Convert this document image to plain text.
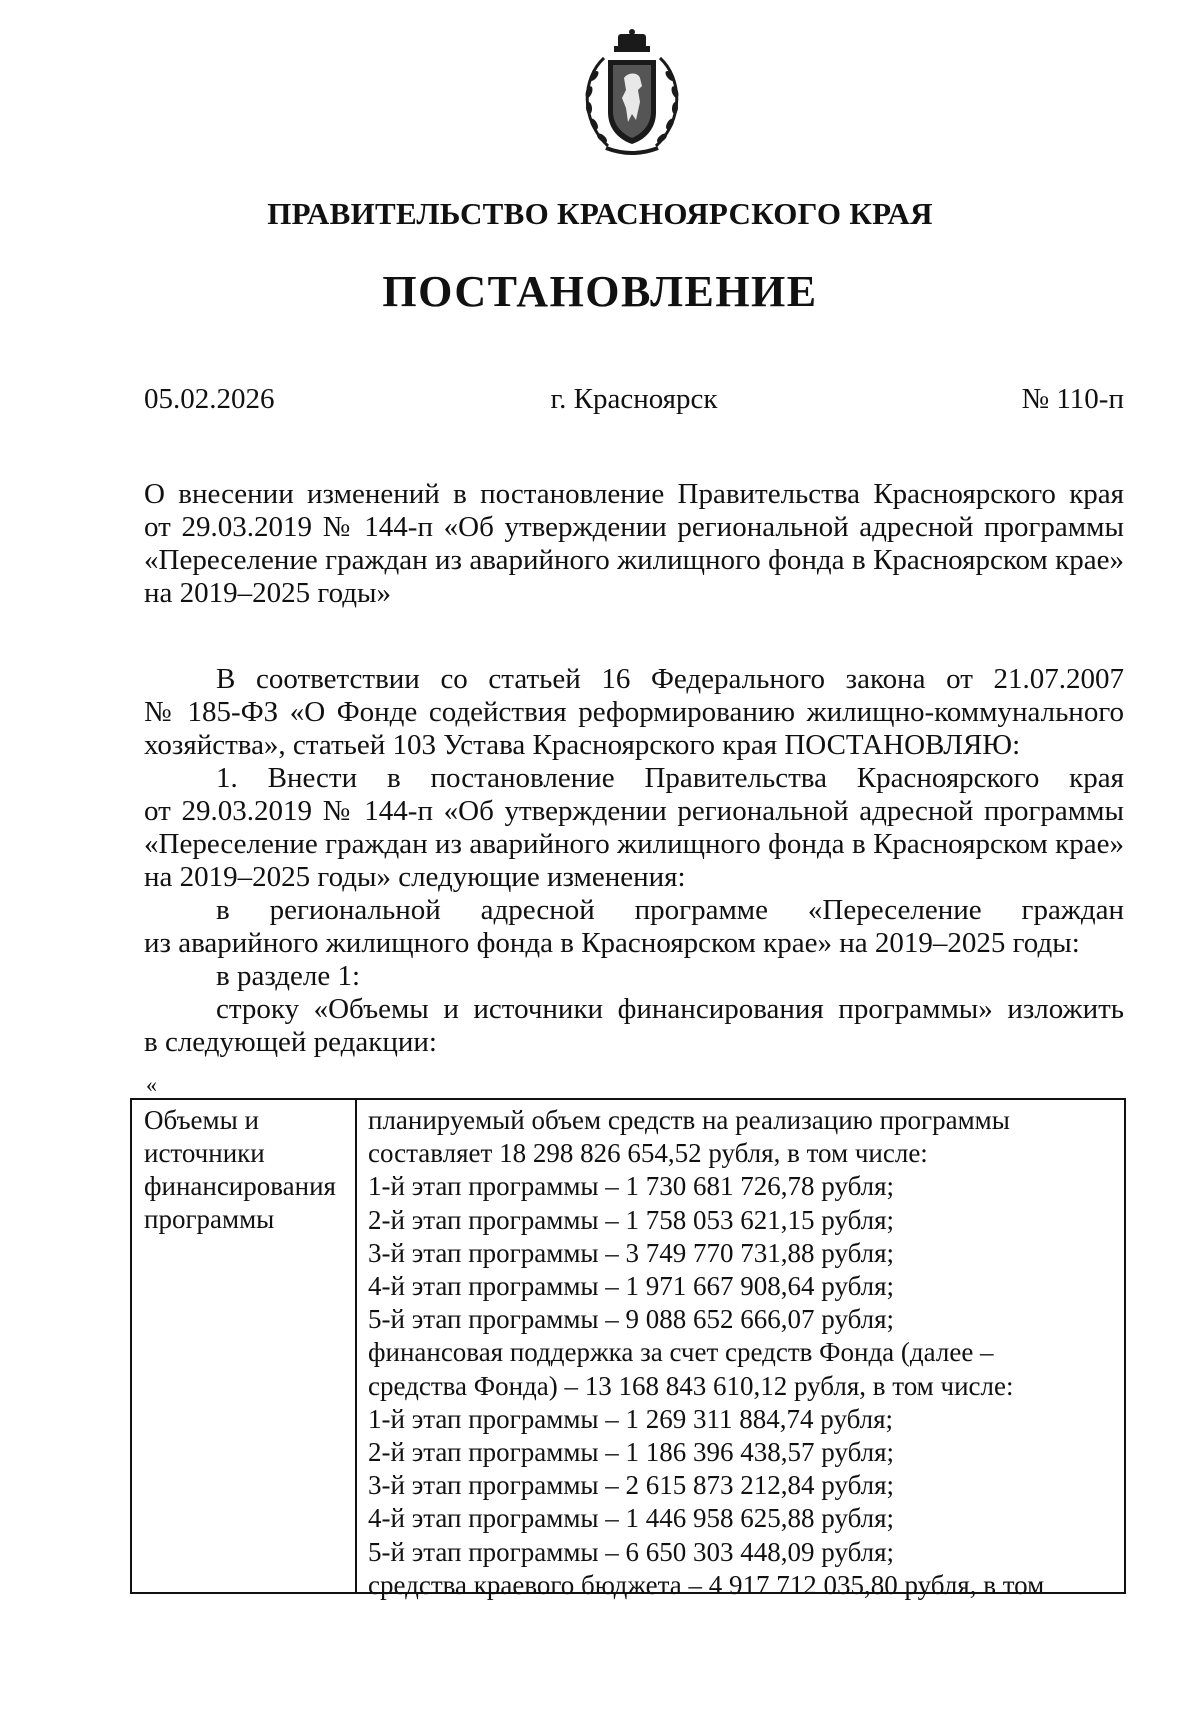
ПРАВИТЕЛЬСТВО КРАСНОЯРСКОГО КРАЯ
ПОСТАНОВЛЕНИЕ
г. Красноярск
05.02.2026	№ 110-п
О внесении изменений в постановление Правительства Красноярского края
от 29.03.2019 № 144-п «Об утверждении региональной адресной программы
«Переселение граждан из аварийного жилищного фонда в Красноярском крае»
на 2019–2025 годы»
В соответствии со статьей 16 Федерального закона от 21.07.2007
№ 185-ФЗ «О Фонде содействия реформированию жилищно-коммунального
хозяйства», статьей 103 Устава Красноярского края ПОСТАНОВЛЯЮ:
1. Внести в постановление Правительства Красноярского края
от 29.03.2019 № 144-п «Об утверждении региональной адресной программы
«Переселение граждан из аварийного жилищного фонда в Красноярском крае»
на 2019–2025 годы» следующие изменения:
в региональной адресной программе «Переселение граждан
из аварийного жилищного фонда в Красноярском крае» на 2019–2025 годы:
в разделе 1:
строку «Объемы и источники финансирования программы» изложить
в следующей редакции:
«
Объемы и
источники
финансирования
программы
планируемый объем средств на реализацию программы
составляет 18 298 826 654,52 рубля, в том числе:
1-й этап программы – 1 730 681 726,78 рубля;
2-й этап программы – 1 758 053 621,15 рубля;
3-й этап программы – 3 749 770 731,88 рубля;
4-й этап программы – 1 971 667 908,64 рубля;
5-й этап программы – 9 088 652 666,07 рубля;
финансовая поддержка за счет средств Фонда (далее –
средства Фонда) – 13 168 843 610,12 рубля, в том числе:
1-й этап программы – 1 269 311 884,74 рубля;
2-й этап программы – 1 186 396 438,57 рубля;
3-й этап программы – 2 615 873 212,84 рубля;
4-й этап программы – 1 446 958 625,88 рубля;
5-й этап программы – 6 650 303 448,09 рубля;
средства краевого бюджета – 4 917 712 035,80 рубля, в том
